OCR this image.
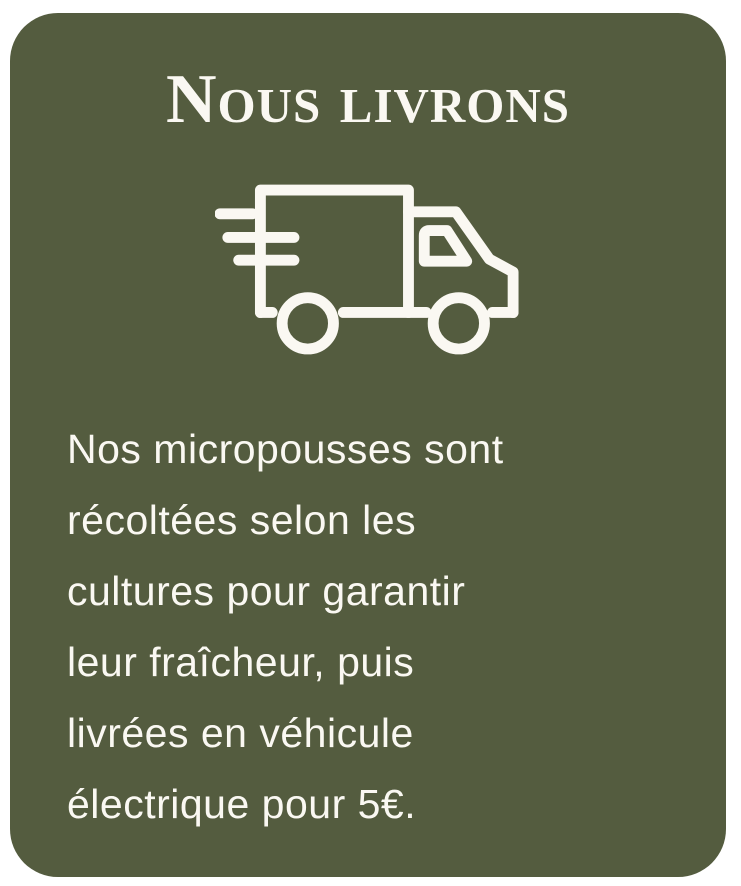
Nous livrons
Nos micropousses sont
récoltées selon les
cultures pour garantir
leur fraîcheur, puis
livrées en véhicule
électrique pour 5€.
